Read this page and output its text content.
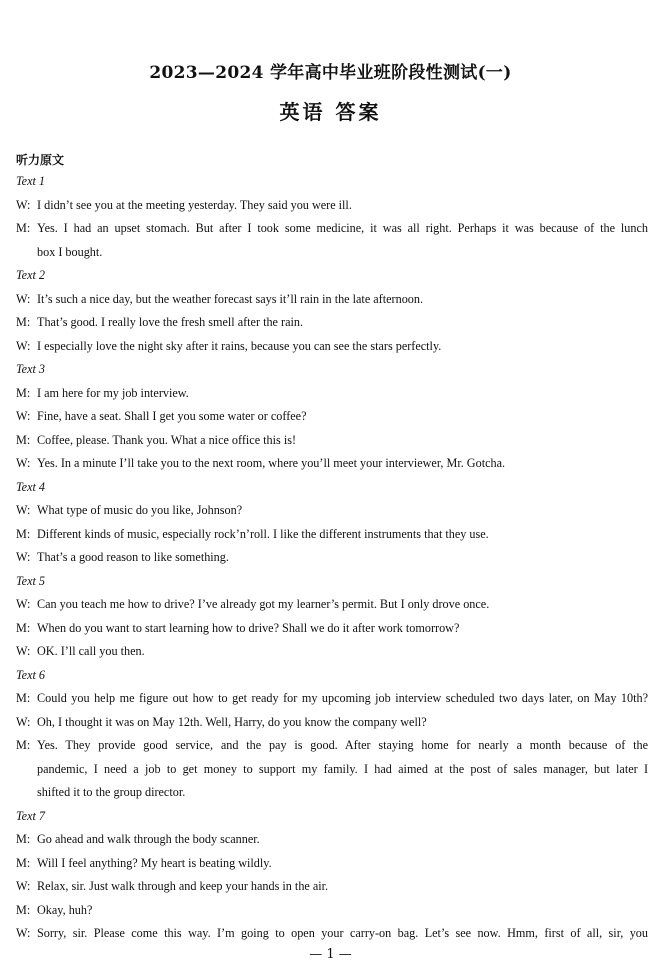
2023—2024 学年高中毕业班阶段性测试(一)
英语 答案
听力原文
Text 1
W: I didn’t see you at the meeting yesterday. They said you were ill.
M: Yes. I had an upset stomach. But after I took some medicine, it was all right. Perhaps it was because of the lunch
box I bought.
Text 2
W: It’s such a nice day, but the weather forecast says it’ll rain in the late afternoon.
M: That’s good. I really love the fresh smell after the rain.
W: I especially love the night sky after it rains, because you can see the stars perfectly.
Text 3
M: I am here for my job interview.
W: Fine, have a seat. Shall I get you some water or coffee?
M: Coffee, please. Thank you. What a nice office this is!
W: Yes. In a minute I’ll take you to the next room, where you’ll meet your interviewer, Mr. Gotcha.
Text 4
W: What type of music do you like, Johnson?
M: Different kinds of music, especially rock’n’roll. I like the different instruments that they use.
W: That’s a good reason to like something.
Text 5
W: Can you teach me how to drive? I’ve already got my learner’s permit. But I only drove once.
M: When do you want to start learning how to drive? Shall we do it after work tomorrow?
W: OK. I’ll call you then.
Text 6
M: Could you help me figure out how to get ready for my upcoming job interview scheduled two days later, on May 10th?
W: Oh, I thought it was on May 12th. Well, Harry, do you know the company well?
M: Yes. They provide good service, and the pay is good. After staying home for nearly a month because of the
pandemic, I need a job to get money to support my family. I had aimed at the post of sales manager, but later I
shifted it to the group director.
Text 7
M: Go ahead and walk through the body scanner.
M: Will I feel anything? My heart is beating wildly.
W: Relax, sir. Just walk through and keep your hands in the air.
M: Okay, huh?
W: Sorry, sir. Please come this way. I’m going to open your carry-on bag. Let’s see now. Hmm, first of all, sir, you
— 1 —
